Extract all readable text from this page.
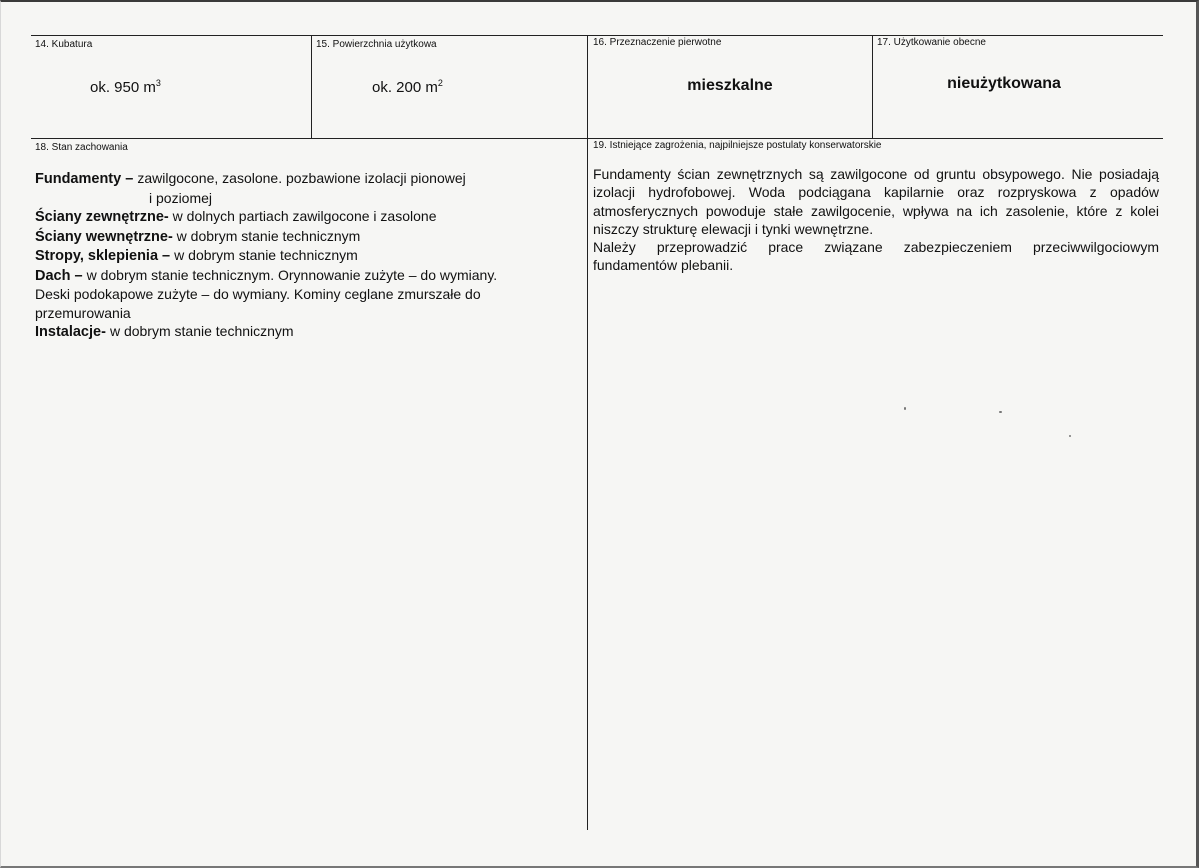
14. Kubatura	15. Powierzchnia użytkowa	16. Przeznaczenie pierwotne	17. Użytkowanie obecne
ok. 950 $m^3$	ok. 200 $m^2$	mieszkalne	nieużytkowana
18. Stan zachowania	19. Istniejące zagrożenia, najpilniejsze postulaty konserwatorskie
Fundamenty – zawilgocone, zasolone. pozbawione izolacji pionowej
i poziomej
Ściany zewnętrzne- w dolnych partiach zawilgocone i zasolone
Ściany wewnętrzne- w dobrym stanie technicznym
Stropy, sklepienia – w dobrym stanie technicznym
Dach – w dobrym stanie technicznym. Orynnowanie zużyte – do wymiany.
Deski podokapowe zużyte – do wymiany. Kominy ceglane zmurszałe do
przemurowania
Instalacje- w dobrym stanie technicznym

Fundamenty ścian zewnętrznych są zawilgocone od gruntu obsypowego. Nie posiadają izolacji hydrofobowej. Woda podciągana kapilarnie oraz rozpryskowa z opadów atmosferycznych powoduje stałe zawilgocenie, wpływa na ich zasolenie, które z kolei niszczy strukturę elewacji i tynki wewnętrzne.

Należy przeprowadzić prace związane zabezpieczeniem przeciwwilgociowym fundamentów plebanii.
